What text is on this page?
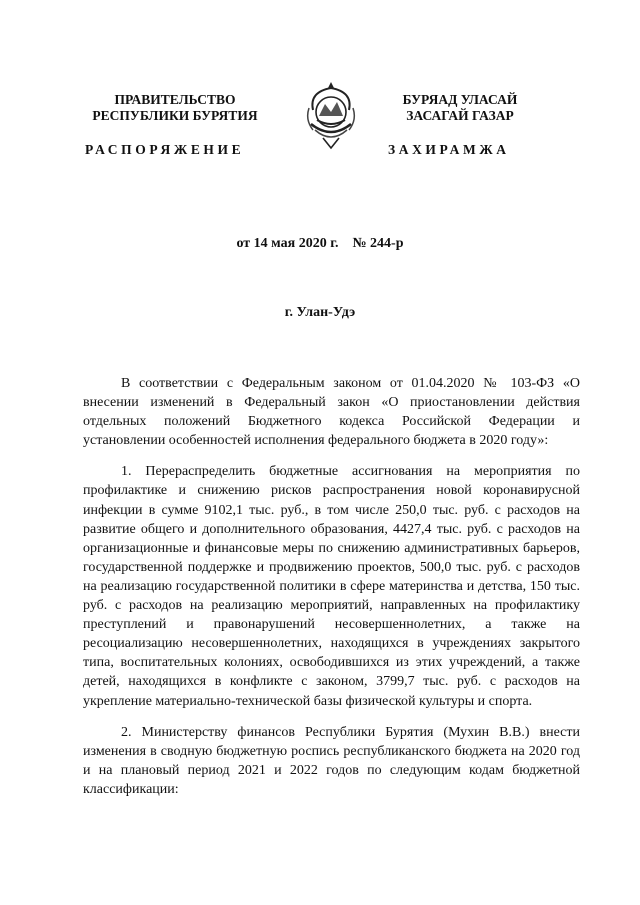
ПРАВИТЕЛЬСТВО
РЕСПУБЛИКИ БУРЯТИЯ
БУРЯАД УЛАСАЙ
ЗАСАГАЙ ГАЗАР
РАСПОРЯЖЕНИЕ	ЗАХИРАМЖА
от 14 мая 2020 г.    № 244-р
г. Улан-Удэ

В соответствии с Федеральным законом от 01.04.2020 № 103-ФЗ «О внесении изменений в Федеральный закон «О приостановлении действия отдельных положений Бюджетного кодекса Российской Федерации и установлении особенностей исполнения федерального бюджета в 2020 году»:

1. Перераспределить бюджетные ассигнования на мероприятия по профилактике и снижению рисков распространения новой коронавирусной инфекции в сумме 9102,1 тыс. руб., в том числе 250,0 тыс. руб. с расходов на развитие общего и дополнительного образования, 4427,4 тыс. руб. с расходов на организационные и финансовые меры по снижению административных барьеров, государственной поддержке и продвижению проектов, 500,0 тыс. руб. с расходов на реализацию государственной политики в сфере материнства и детства, 150 тыс. руб. с расходов на реализацию мероприятий, направленных на профилактику преступлений и правонарушений несовершеннолетних, а также на ресоциализацию несовершеннолетних, находящихся в учреждениях закрытого типа, воспитательных колониях, освободившихся из этих учреждений, а также детей, находящихся в конфликте с законом, 3799,7 тыс. руб. с расходов на укрепление материально-технической базы физической культуры и спорта.

2. Министерству финансов Республики Бурятия (Мухин В.В.) внести изменения в сводную бюджетную роспись республиканского бюджета на 2020 год и на плановый период 2021 и 2022 годов по следующим кодам бюджетной классификации:
